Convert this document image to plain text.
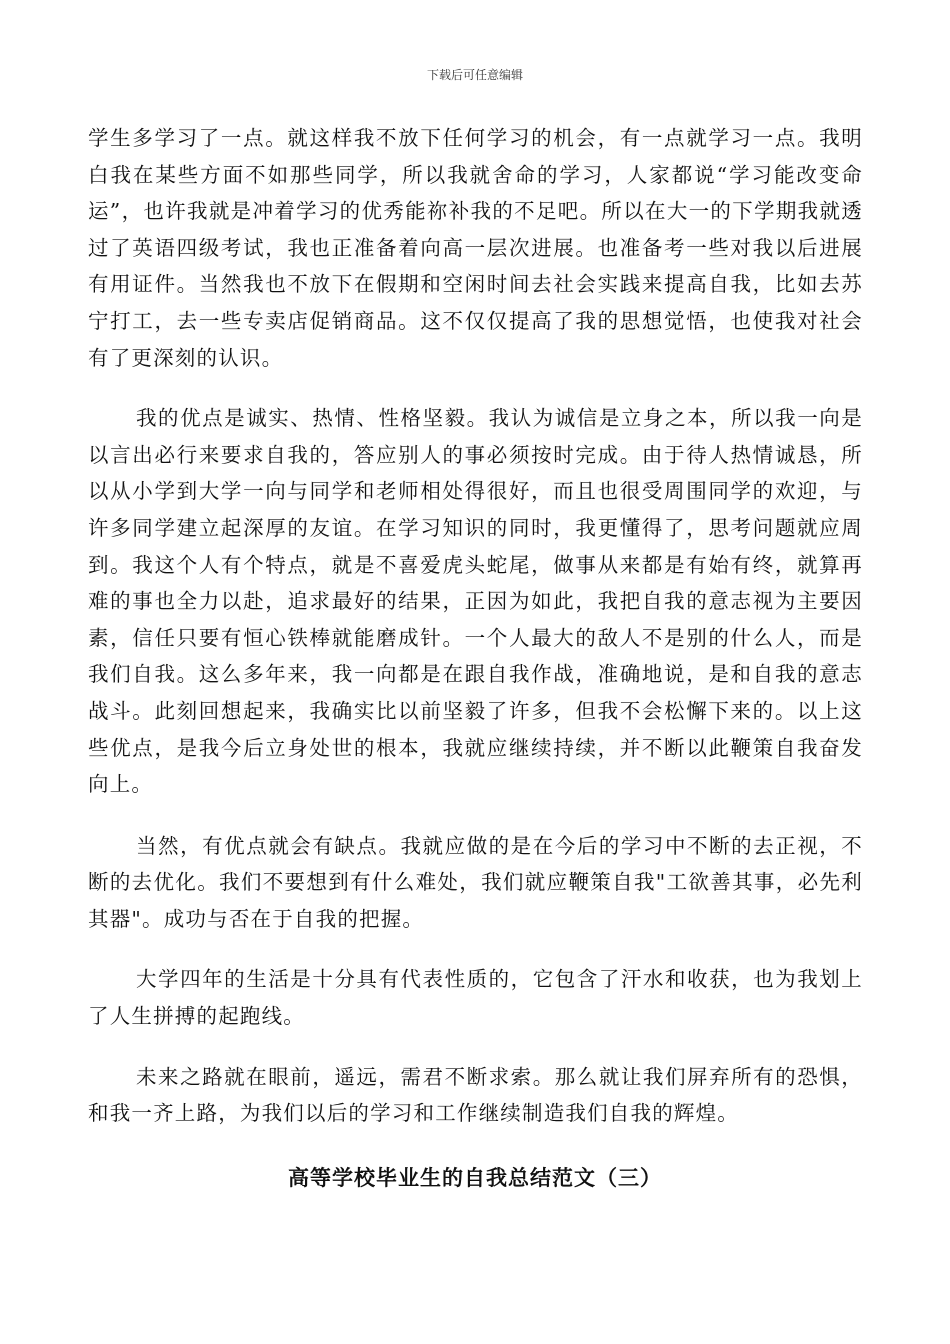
下载后可任意编辑

学生多学习了一点。就这样我不放下任何学习的机会，有一点就学习一点。我明白我在某些方面不如那些同学，所以我就舍命的学习，人家都说“学习能改变命运”，也许我就是冲着学习的优秀能祢补我的不足吧。所以在大一的下学期我就透过了英语四级考试，我也正准备着向高一层次进展。也准备考一些对我以后进展有用证件。当然我也不放下在假期和空闲时间去社会实践来提高自我，比如去苏宁打工，去一些专卖店促销商品。这不仅仅提高了我的思想觉悟，也使我对社会有了更深刻的认识。

我的优点是诚实、热情、性格坚毅。我认为诚信是立身之本，所以我一向是以言出必行来要求自我的，答应别人的事必须按时完成。由于待人热情诚恳，所以从小学到大学一向与同学和老师相处得很好，而且也很受周围同学的欢迎，与许多同学建立起深厚的友谊。在学习知识的同时，我更懂得了，思考问题就应周到。我这个人有个特点，就是不喜爱虎头蛇尾，做事从来都是有始有终，就算再难的事也全力以赴，追求最好的结果，正因为如此，我把自我的意志视为主要因素，信任只要有恒心铁棒就能磨成针。一个人最大的敌人不是别的什么人，而是我们自我。这么多年来，我一向都是在跟自我作战，准确地说，是和自我的意志战斗。此刻回想起来，我确实比以前坚毅了许多，但我不会松懈下来的。以上这些优点，是我今后立身处世的根本，我就应继续持续，并不断以此鞭策自我奋发向上。

当然，有优点就会有缺点。我就应做的是在今后的学习中不断的去正视，不断的去优化。我们不要想到有什么难处，我们就应鞭策自我"工欲善其事，必先利其器"。成功与否在于自我的把握。

大学四年的生活是十分具有代表性质的，它包含了汗水和收获，也为我划上了人生拼搏的起跑线。

未来之路就在眼前，遥远，需君不断求索。那么就让我们屏弃所有的恐惧，和我一齐上路，为我们以后的学习和工作继续制造我们自我的辉煌。

高等学校毕业生的自我总结范文（三）
